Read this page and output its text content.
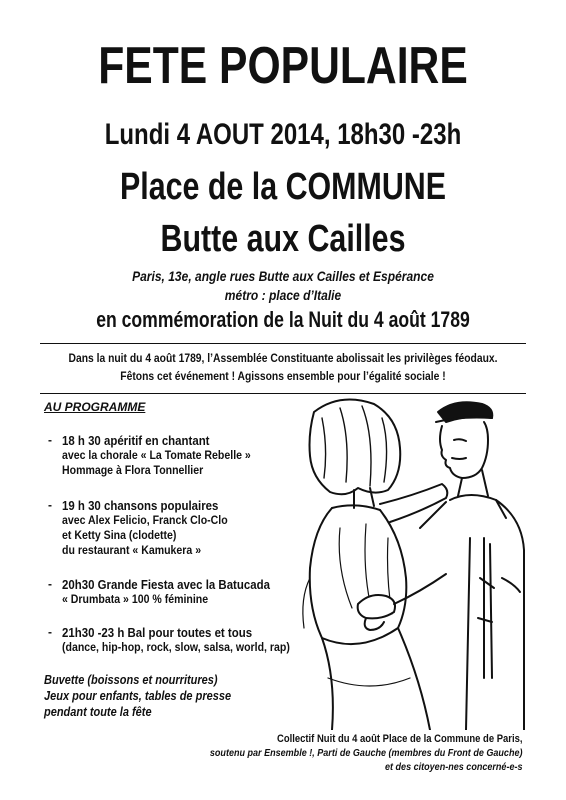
FETE POPULAIRE
Lundi 4 AOUT 2014, 18h30 -23h
Place de la COMMUNE
Butte aux Cailles
Paris, 13e, angle rues Butte aux Cailles et Espérance
métro : place d’Italie
en commémoration de la Nuit du 4 août 1789
Dans la nuit du 4 août 1789, l’Assemblée Constituante abolissait les privilèges féodaux.
Fêtons cet événement ! Agissons ensemble pour l’égalité sociale !
AU PROGRAMME
- 18 h 30 apéritif en chantant
avec la chorale « La Tomate Rebelle »
Hommage à Flora Tonnellier
- 19 h 30 chansons populaires
avec Alex Felicio, Franck Clo-Clo
et Ketty Sina (clodette)
du restaurant « Kamukera »
- 20h30 Grande Fiesta avec la Batucada
« Drumbata » 100 % féminine
- 21h30 -23 h Bal pour toutes et tous
(dance, hip-hop, rock, slow, salsa, world, rap)
Buvette (boissons et nourritures)
Jeux pour enfants, tables de presse
pendant toute la fête
Collectif Nuit du 4 août Place de la Commune de Paris,
soutenu par Ensemble !, Parti de Gauche (membres du Front de Gauche)
et des citoyen-nes concerné-e-s
